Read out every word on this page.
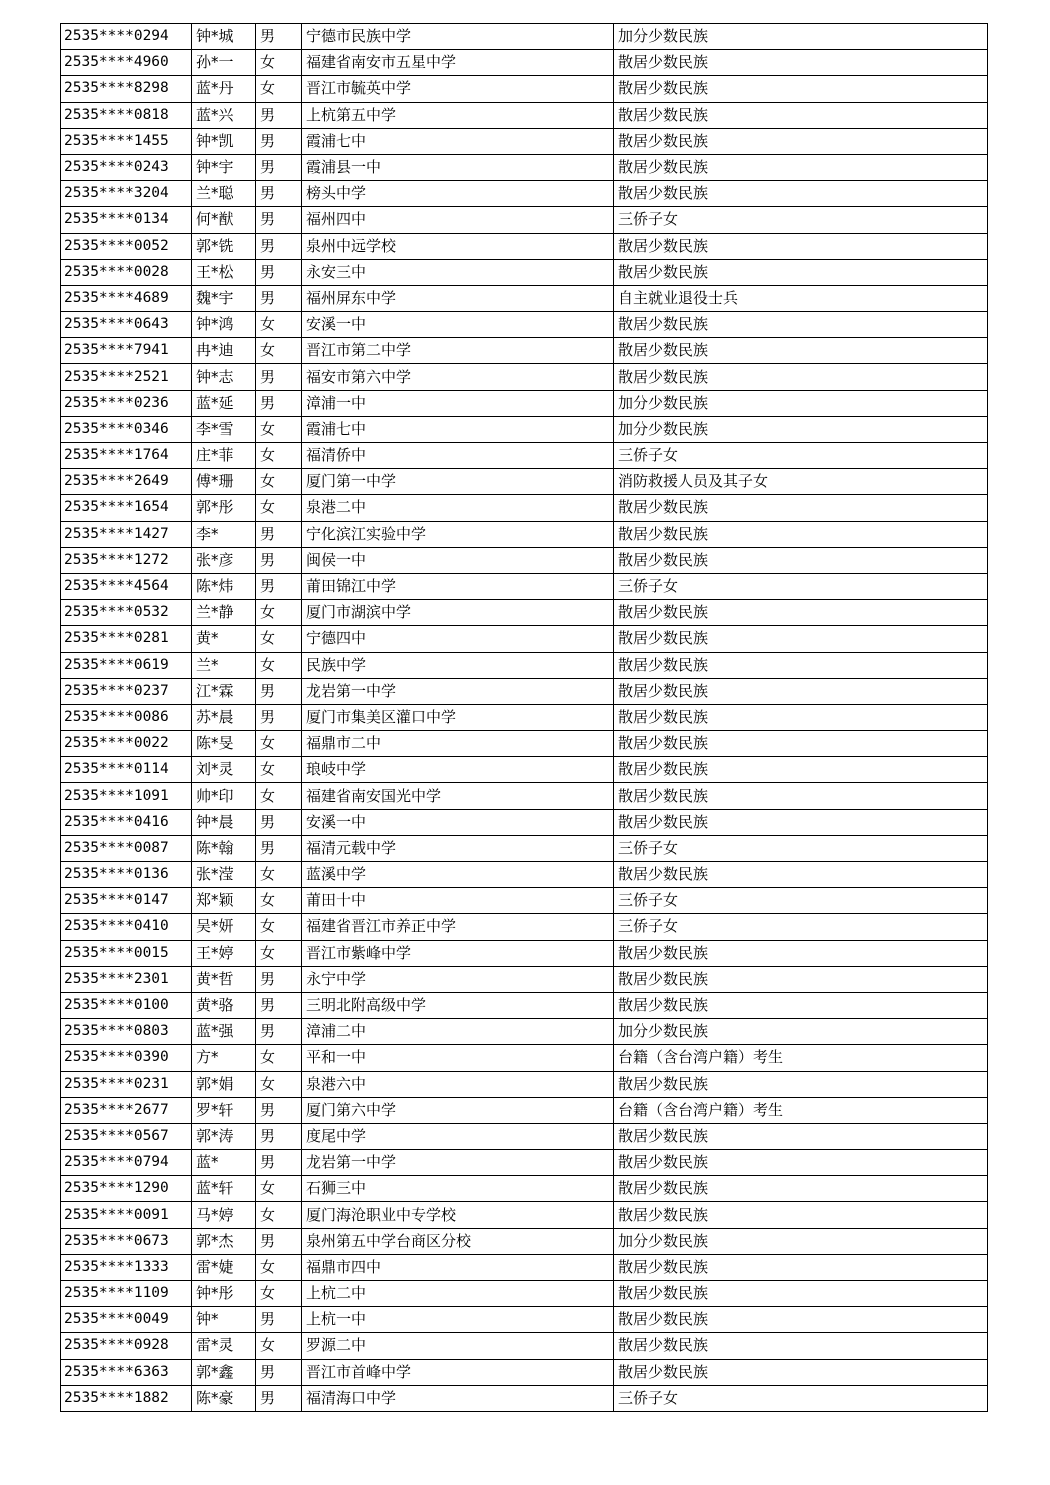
2535****0294	钟*城	男	宁德市民族中学	加分少数民族
2535****4960	孙*一	女	福建省南安市五星中学	散居少数民族
2535****8298	蓝*丹	女	晋江市毓英中学	散居少数民族
2535****0818	蓝*兴	男	上杭第五中学	散居少数民族
2535****1455	钟*凯	男	霞浦七中	散居少数民族
2535****0243	钟*宇	男	霞浦县一中	散居少数民族
2535****3204	兰*聪	男	榜头中学	散居少数民族
2535****0134	何*猷	男	福州四中	三侨子女
2535****0052	郭*铣	男	泉州中远学校	散居少数民族
2535****0028	王*松	男	永安三中	散居少数民族
2535****4689	魏*宇	男	福州屏东中学	自主就业退役士兵
2535****0643	钟*鸿	女	安溪一中	散居少数民族
2535****7941	冉*迪	女	晋江市第二中学	散居少数民族
2535****2521	钟*志	男	福安市第六中学	散居少数民族
2535****0236	蓝*延	男	漳浦一中	加分少数民族
2535****0346	李*雪	女	霞浦七中	加分少数民族
2535****1764	庄*菲	女	福清侨中	三侨子女
2535****2649	傅*珊	女	厦门第一中学	消防救援人员及其子女
2535****1654	郭*彤	女	泉港二中	散居少数民族
2535****1427	李*	男	宁化滨江实验中学	散居少数民族
2535****1272	张*彦	男	闽侯一中	散居少数民族
2535****4564	陈*炜	男	莆田锦江中学	三侨子女
2535****0532	兰*静	女	厦门市湖滨中学	散居少数民族
2535****0281	黄*	女	宁德四中	散居少数民族
2535****0619	兰*	女	民族中学	散居少数民族
2535****0237	江*霖	男	龙岩第一中学	散居少数民族
2535****0086	苏*晨	男	厦门市集美区灌口中学	散居少数民族
2535****0022	陈*旻	女	福鼎市二中	散居少数民族
2535****0114	刘*灵	女	琅岐中学	散居少数民族
2535****1091	帅*印	女	福建省南安国光中学	散居少数民族
2535****0416	钟*晨	男	安溪一中	散居少数民族
2535****0087	陈*翰	男	福清元载中学	三侨子女
2535****0136	张*滢	女	蓝溪中学	散居少数民族
2535****0147	郑*颖	女	莆田十中	三侨子女
2535****0410	吴*妍	女	福建省晋江市养正中学	三侨子女
2535****0015	王*婷	女	晋江市紫峰中学	散居少数民族
2535****2301	黄*哲	男	永宁中学	散居少数民族
2535****0100	黄*骆	男	三明北附高级中学	散居少数民族
2535****0803	蓝*强	男	漳浦二中	加分少数民族
2535****0390	方*	女	平和一中	台籍（含台湾户籍）考生
2535****0231	郭*娟	女	泉港六中	散居少数民族
2535****2677	罗*轩	男	厦门第六中学	台籍（含台湾户籍）考生
2535****0567	郭*涛	男	度尾中学	散居少数民族
2535****0794	蓝*	男	龙岩第一中学	散居少数民族
2535****1290	蓝*轩	女	石狮三中	散居少数民族
2535****0091	马*婷	女	厦门海沧职业中专学校	散居少数民族
2535****0673	郭*杰	男	泉州第五中学台商区分校	加分少数民族
2535****1333	雷*婕	女	福鼎市四中	散居少数民族
2535****1109	钟*彤	女	上杭二中	散居少数民族
2535****0049	钟*	男	上杭一中	散居少数民族
2535****0928	雷*灵	女	罗源二中	散居少数民族
2535****6363	郭*鑫	男	晋江市首峰中学	散居少数民族
2535****1882	陈*豪	男	福清海口中学	三侨子女
